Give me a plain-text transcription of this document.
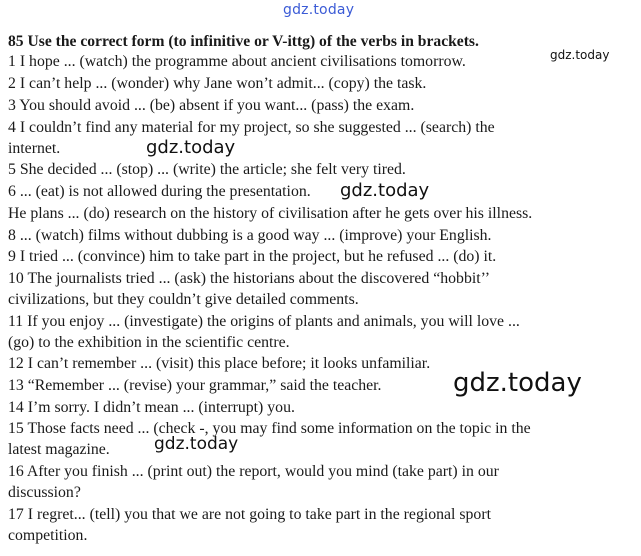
gdz.today
85 Use the correct form (to infinitive or V-ittg) of the verbs in brackets.
1 I hope ... (watch) the programme about ancient civilisations tomorrow.
2 I can’t help ... (wonder) why Jane won’t admit... (copy) the task.
3 You should avoid ... (be) absent if you want... (pass) the exam.
4 I couldn’t find any material for my project, so she suggested ... (search) the
internet.
5 She decided ... (stop) ... (write) the article; she felt very tired.
6 ... (eat) is not allowed during the presentation.
He plans ... (do) research on the history of civilisation after he gets over his illness.
8 ... (watch) films without dubbing is a good way ... (improve) your English.
9 I tried ... (convince) him to take part in the project, but he refused ... (do) it.
10 The journalists tried ... (ask) the historians about the discovered “hobbit’’
civilizations, but they couldn’t give detailed comments.
11 If you enjoy ... (investigate) the origins of plants and animals, you will love ...
(go) to the exhibition in the scientific centre.
12 I can’t remember ... (visit) this place before; it looks unfamiliar.
13 “Remember ... (revise) your grammar,” said the teacher.
14 I’m sorry. I didn’t mean ... (interrupt) you.
15 Those facts need ... (check -, you may find some information on the topic in the
latest magazine.
16 After you finish ... (print out) the report, would you mind (take part) in our
discussion?
17 I regret... (tell) you that we are not going to take part in the regional sport
competition.
gdz.today
gdz.today
gdz.today
gdz.today
gdz.today
